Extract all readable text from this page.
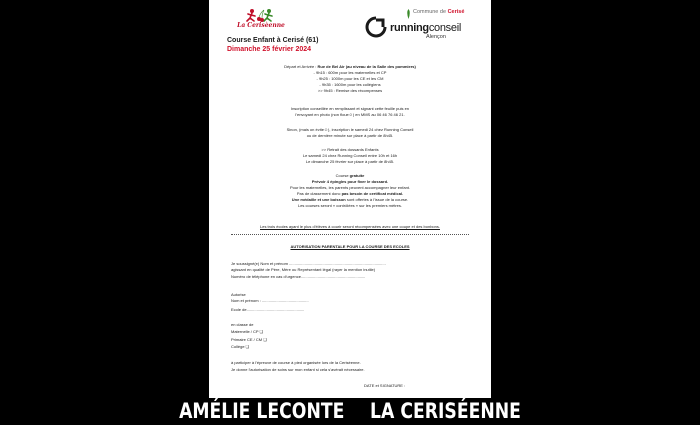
La Cerisèenne
Course Enfant à Cerisé (61)
Dimanche 25 février 2024
Commune de Cerisé
runningconseil
Alençon
Départ et Arrivée : Rue de Bel Air (au niveau de la Salle des pommiers)
- 9h15 : 600m pour les maternelles et CP
- 9h25 : 1000m pour les CE et les CM
- 9h35 : 1600m pour les collégiens
>> 9h45 : Remise des récompenses
Inscription conseillée en remplissant et signant cette feuille puis en
l'envoyant en photo (non floue☺) en MMS au 06 46 76 46 21.
Sinon, (mais on évite☺), inscription le samedi 24 chez Running Conseil
ou de dernière minute sur place à partir de 8h45.
>> Retrait des dossards Enfants
Le samedi 24 chez Running Conseil entre 10h et 16h
Le dimanche 25 février sur place à partir de 8h45.
Course gratuite
Prévoir 4 épingles pour fixer le dossard.
Pour les maternelles, les parents peuvent accompagner leur enfant.
Pas de classement donc pas besoin de certificat médical.
Une médaille et une boisson sont offertes à l'issue de la course.
Les courses seront « contrôlées » sur les premiers mètres.
Les trois écoles ayant le plus d'élèves à courir seront récompensées avec une coupe et des bonbons.
AUTORISATION PARENTALE POUR LA COURSE DES ECOLES
Je soussigné(e) Nom et prénom .......................................................................................
agissant en qualité de Père, Mère ou Représentant légal (rayer la mention inutile)
Numéro de téléphone en cas d'urgence..........................................................
Autorise
Nom et prénom : ..........................................
Ecole de....................................................
en classe de
Maternelle / CP ❑
Primaire CE / CM ❑
Collège ❑
à participer à l'épreuve de course à pied organisée lors de la Cerisèenne.
Je donne l'autorisation de soins sur mon enfant si cela s'avérait nécessaire.
DATE et SIGNATURE :
AMÉLIE LECONTE LA CERISÉENNE
